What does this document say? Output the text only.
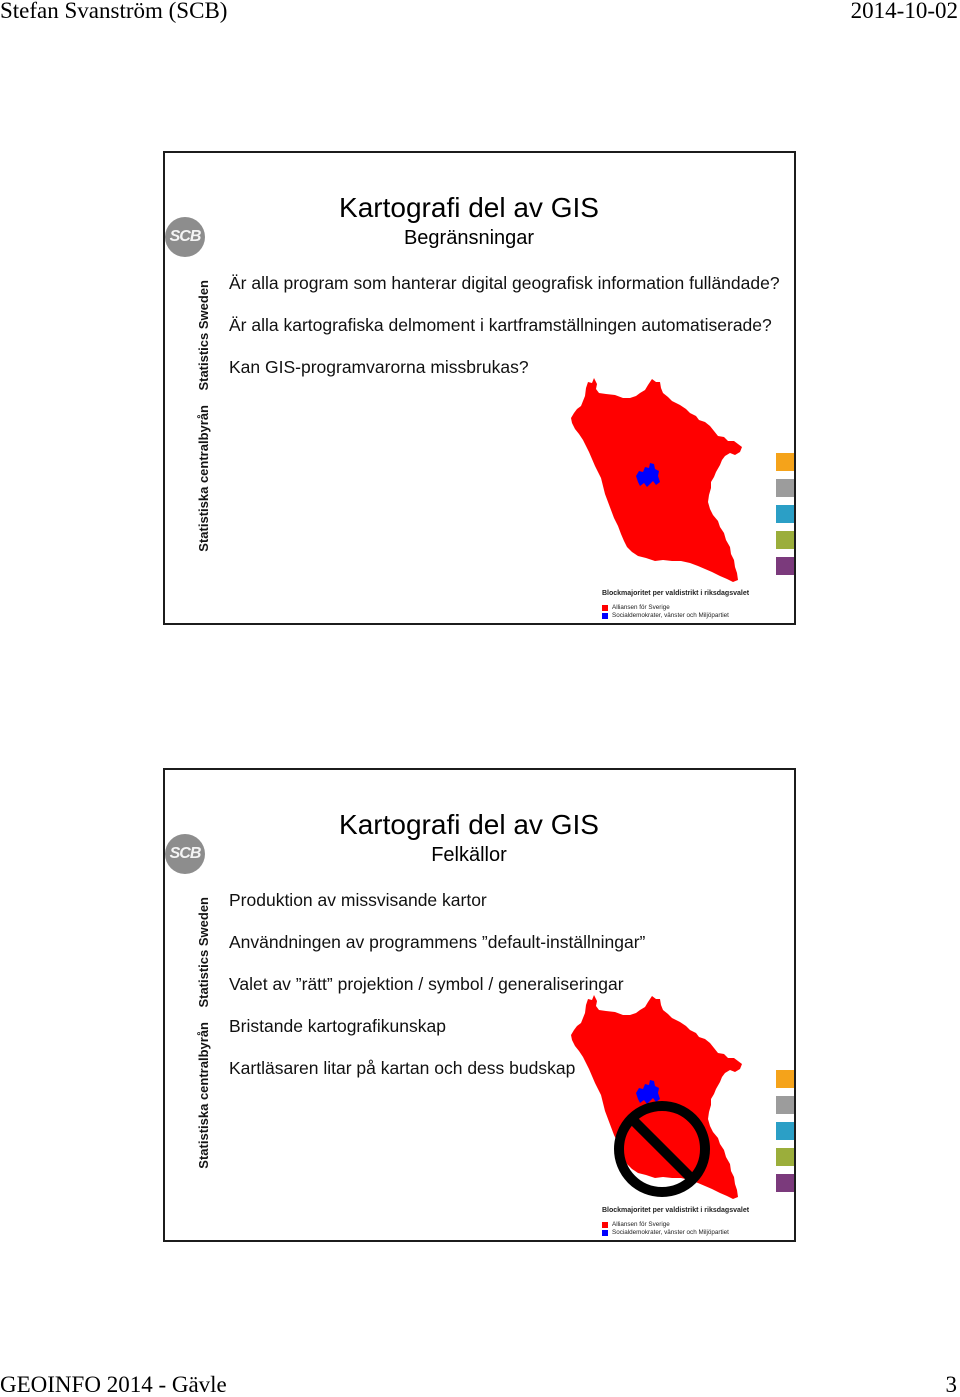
Stefan Svanström (SCB)	2014-10-02
SCB
Statistics Sweden
Statistiska centralbyrån
Kartografi del av GIS
Begränsningar
Är alla program som hanterar digital geografisk information fulländade?
Är alla kartografiska delmoment i kartframställningen automatiserade?
Kan GIS-programvarorna missbrukas?
Blockmajoritet per valdistrikt i riksdagsvalet
Alliansen för Sverige
Socialdemokrater, vänster och Miljöpartiet
SCB
Statistics Sweden
Statistiska centralbyrån
Kartografi del av GIS
Felkällor
Produktion av missvisande kartor
Användningen av programmens ”default-inställningar”
Valet av ”rätt” projektion / symbol / generaliseringar
Bristande kartografikunskap
Kartläsaren litar på kartan och dess budskap
Blockmajoritet per valdistrikt i riksdagsvalet
Alliansen för Sverige
Socialdemokrater, vänster och Miljöpartiet
GEOINFO 2014 - Gävle	3
